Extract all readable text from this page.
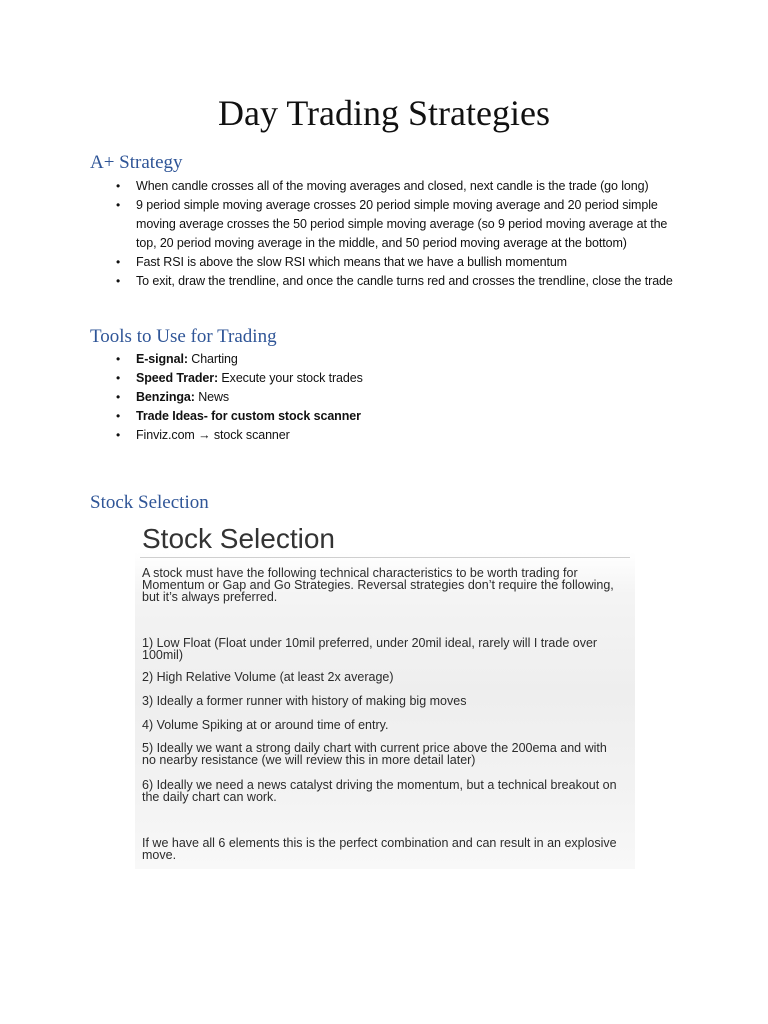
Day Trading Strategies
A+ Strategy
• When candle crosses all of the moving averages and closed, next candle is the trade (go long)
• 9 period simple moving average crosses 20 period simple moving average and 20 period simple moving average crosses the 50 period simple moving average (so 9 period moving average at the top, 20 period moving average in the middle, and 50 period moving average at the bottom)
• Fast RSI is above the slow RSI which means that we have a bullish momentum
• To exit, draw the trendline, and once the candle turns red and crosses the trendline, close the trade
Tools to Use for Trading
• E-signal: Charting
• Speed Trader: Execute your stock trades
• Benzinga: News
• Trade Ideas- for custom stock scanner
• Finviz.com → stock scanner
Stock Selection

Stock Selection

A stock must have the following technical characteristics to be worth trading for Momentum or Gap and Go Strategies. Reversal strategies don’t require the following, but it’s always preferred.

1) Low Float (Float under 10mil preferred, under 20mil ideal, rarely will I trade over 100mil)

2) High Relative Volume (at least 2x average)

3) Ideally a former runner with history of making big moves

4) Volume Spiking at or around time of entry.

5) Ideally we want a strong daily chart with current price above the 200ema and with no nearby resistance (we will review this in more detail later)

6) Ideally we need a news catalyst driving the momentum, but a technical breakout on the daily chart can work.

If we have all 6 elements this is the perfect combination and can result in an explosive move.
